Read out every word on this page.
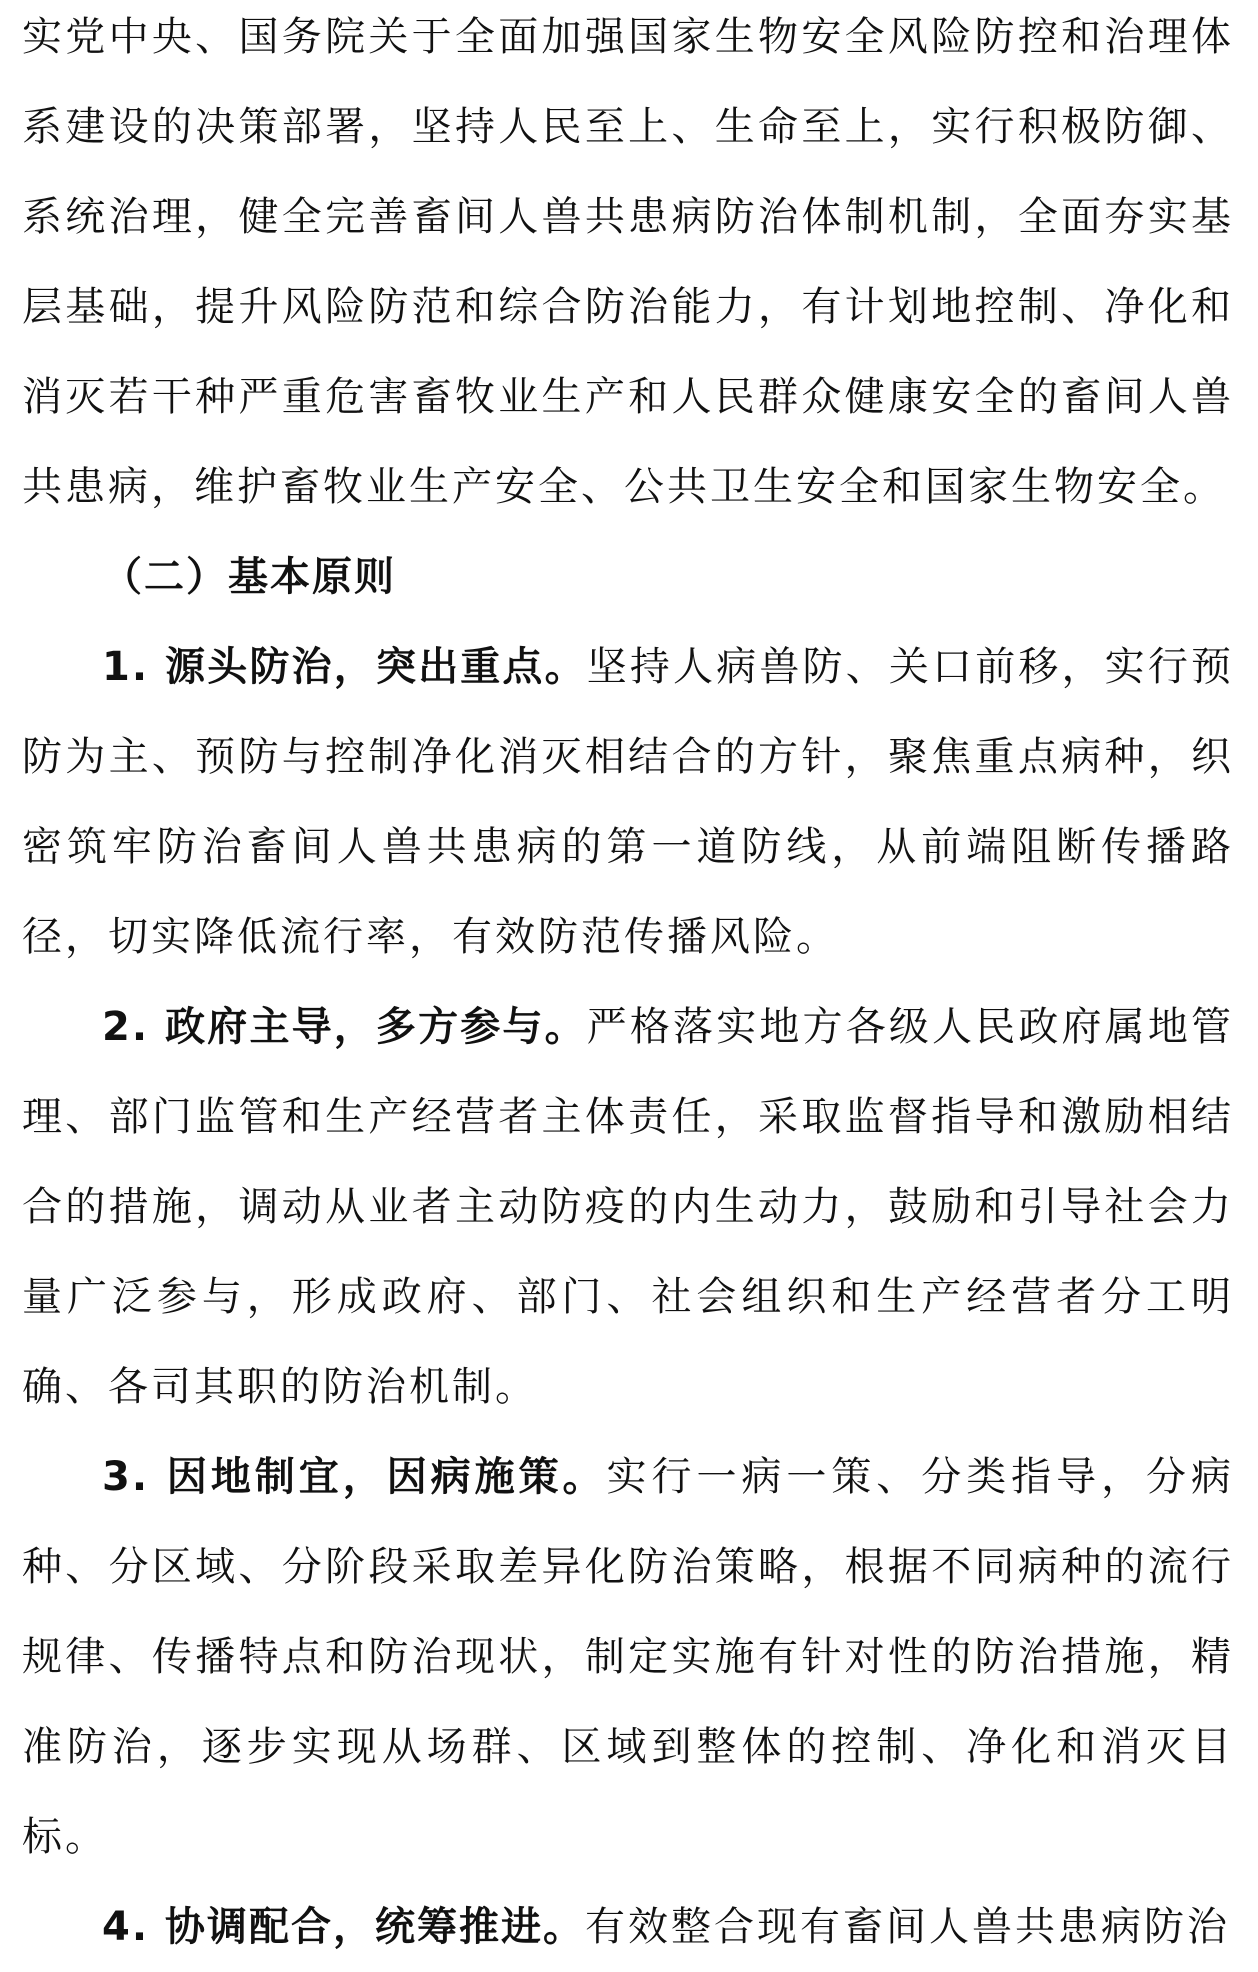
实党中央、国务院关于全面加强国家生物安全风险防控和治理体系建设的决策部署，坚持人民至上、生命至上，实行积极防御、系统治理，健全完善畜间人兽共患病防治体制机制，全面夯实基层基础，提升风险防范和综合防治能力，有计划地控制、净化和消灭若干种严重危害畜牧业生产和人民群众健康安全的畜间人兽共患病，维护畜牧业生产安全、公共卫生安全和国家生物安全。

（二）基本原则

1. 源头防治，突出重点。坚持人病兽防、关口前移，实行预防为主、预防与控制净化消灭相结合的方针，聚焦重点病种，织密筑牢防治畜间人兽共患病的第一道防线，从前端阻断传播路径，切实降低流行率，有效防范传播风险。

2. 政府主导，多方参与。严格落实地方各级人民政府属地管理、部门监管和生产经营者主体责任，采取监督指导和激励相结合的措施，调动从业者主动防疫的内生动力，鼓励和引导社会力量广泛参与，形成政府、部门、社会组织和生产经营者分工明确、各司其职的防治机制。

3. 因地制宜，因病施策。实行一病一策、分类指导，分病种、分区域、分阶段采取差异化防治策略，根据不同病种的流行规律、传播特点和防治现状，制定实施有针对性的防治措施，精准防治，逐步实现从场群、区域到整体的控制、净化和消灭目标。

4. 协调配合，统筹推进。有效整合现有畜间人兽共患病防治
